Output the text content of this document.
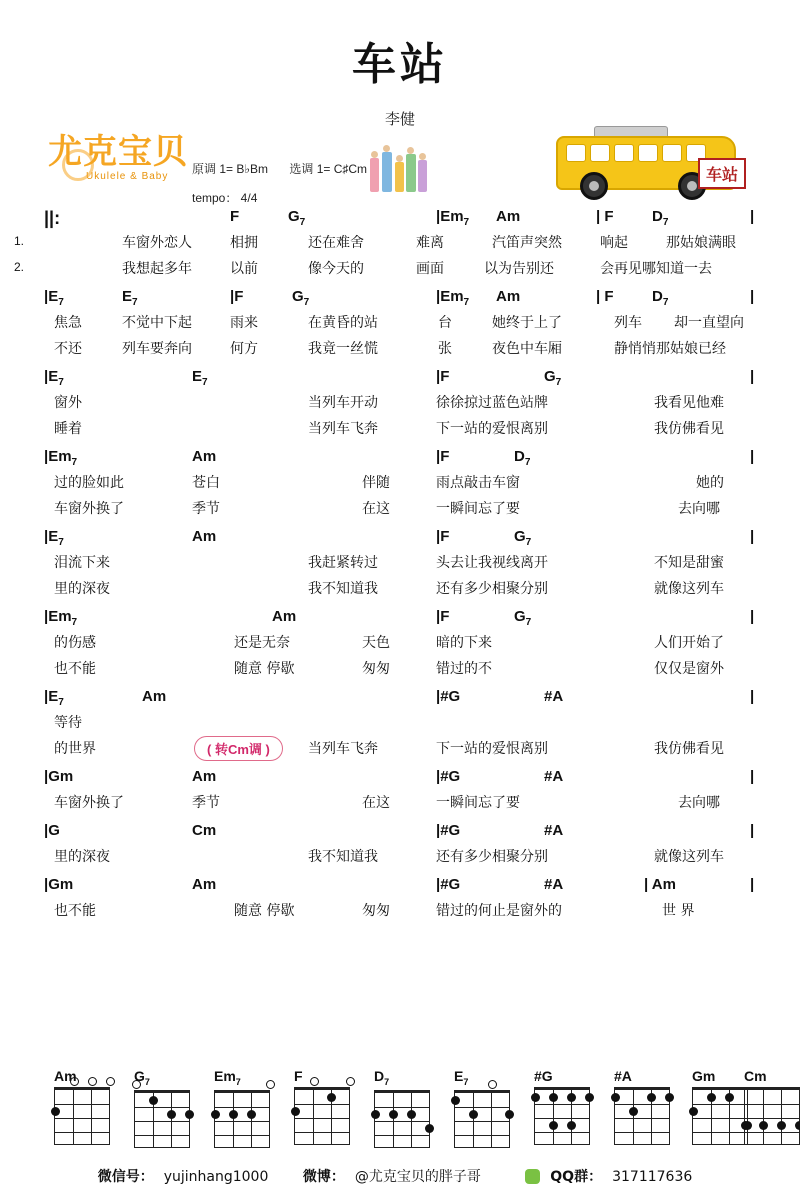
车站
李健
尤克宝贝
Ukulele & Baby
原调 1= B♭Bm 选调 1= C♯Cm
tempo： 4/4
车站
||:	F	$G_7$	$|Em_7$ Am	| F	$D_7$	|
1.	车窗外恋人	相拥	还在难舍	难离	汽笛声突然	响起	那姑娘满眼
2.	我想起多年	以前	像今天的	画面	以为告别还	会再见哪知道一去
$|E_7$	$E_7$	|F	$G_7$	$|Em_7$ Am	| F	$D_7$	|
焦急	不觉中下起	雨来	在黄昏的站	台	她终于上了	列车 却一直望向
不还	列车要奔向	何方	我竟一丝慌	张	夜色中车厢	静悄悄那姑娘已经
$|E_7$	$E_7$	|F	$G_7$	|
窗外	当列车开动	徐徐掠过蓝色站牌	我看见他难
睡着	当列车飞奔	下一站的爱恨离别	我仿佛看见
$|Em_7$	Am	|F	$D_7$	|
过的脸如此	苍白	伴随	雨点敲击车窗	她的
车窗外换了	季节	在这	一瞬间忘了要	去向哪
$|E_7$	Am	|F	$G_7$	|
泪流下来	我赶紧转过	头去让我视线离开	不知是甜蜜
里的深夜	我不知道我	还有多少相聚分别	就像这列车
$|Em_7$	Am	|F	$G_7$	|
的伤感	还是无奈	天色	暗的下来	人们开始了
也不能	随意 停歇	匆匆	错过的不	仅仅是窗外
$|E_7$	Am	|#G	#A	|
等待
的世界	当列车飞奔	下一站的爱恨离别	我仿佛看见
( 转Cm调 )
|Gm	Am	|#G	#A	|
车窗外换了	季节	在这	一瞬间忘了要	去向哪
|G	Cm	|#G	#A	|
里的深夜	我不知道我	还有多少相聚分别	就像这列车
|Gm	Am	|#G	#A	| Am	|
也不能	随意 停歇	匆匆	错过的何止是窗外的	世 界
Am	$G_7$	$Em_7$	F	$D_7$	$E_7$	#G	#A	Gm	Cm
微信号： yujinhang1000 微博： @尤克宝贝的胖子哥	QQ群： 317117636
